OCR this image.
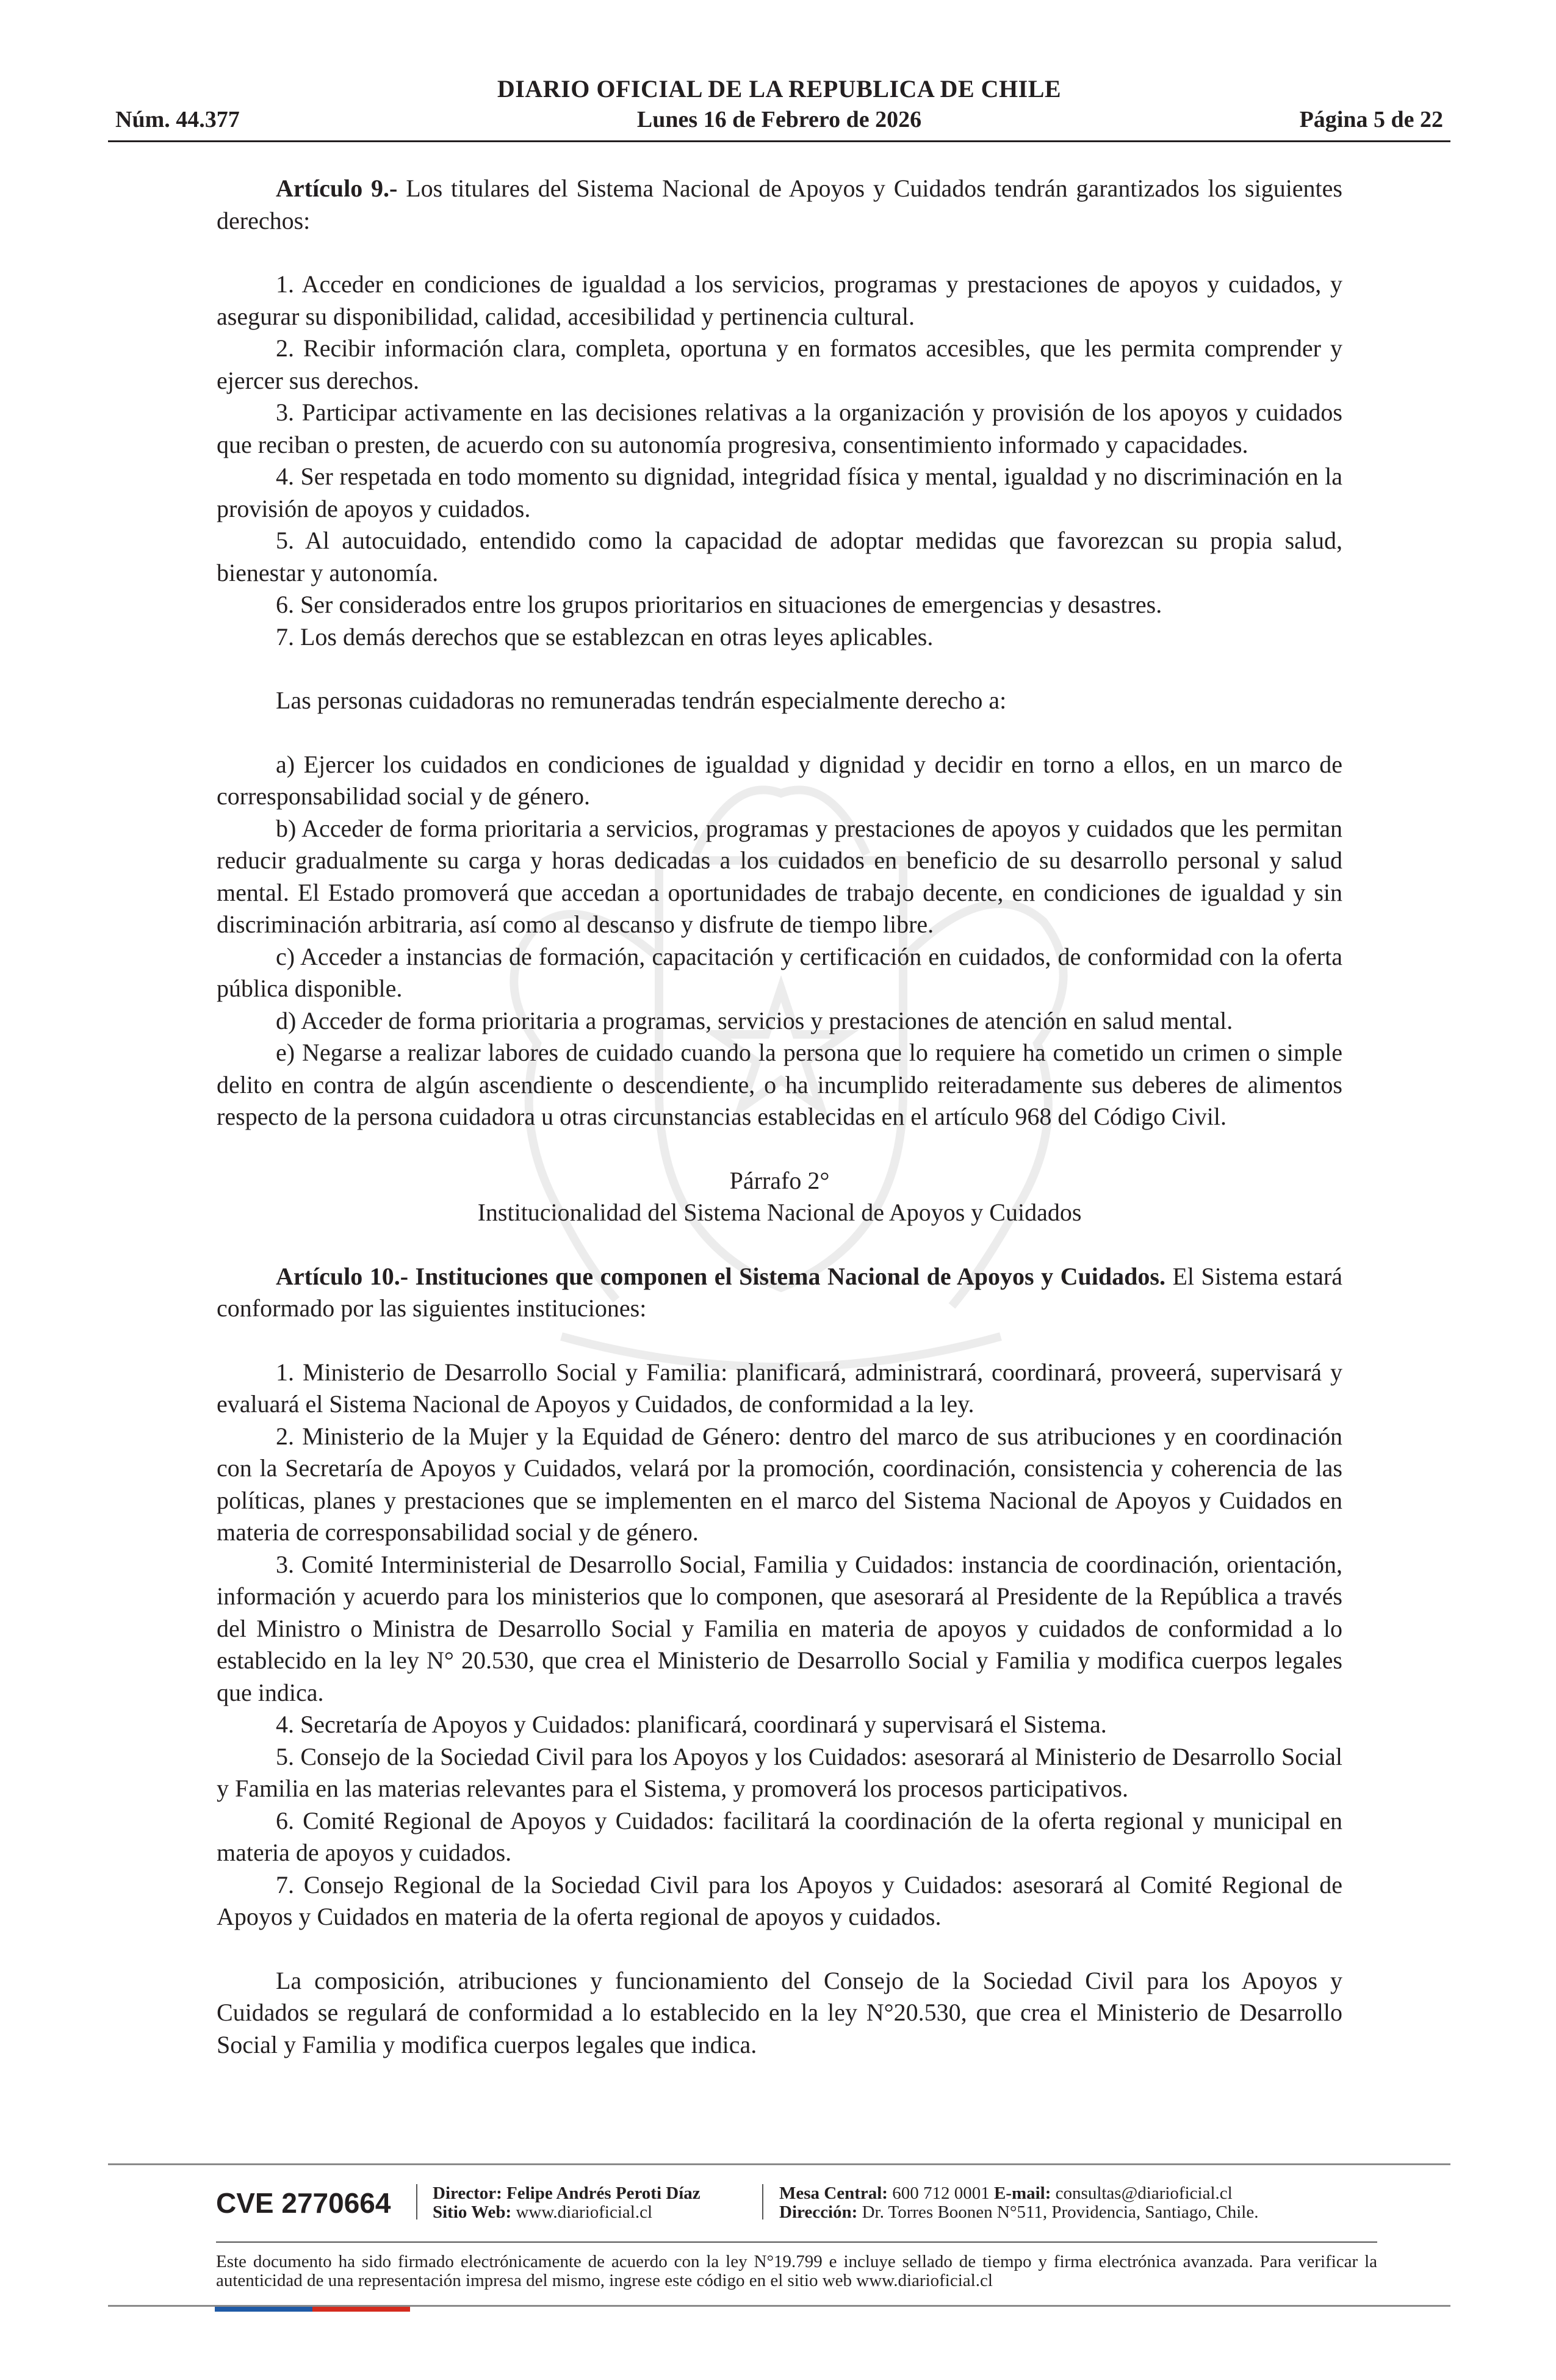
DIARIO OFICIAL DE LA REPUBLICA DE CHILE
Núm. 44.377	Lunes 16 de Febrero de 2026	Página 5 de 22

Artículo 9.- Los titulares del Sistema Nacional de Apoyos y Cuidados tendrán garantizados los siguientes derechos:

1. Acceder en condiciones de igualdad a los servicios, programas y prestaciones de apoyos y cuidados, y asegurar su disponibilidad, calidad, accesibilidad y pertinencia cultural.

2. Recibir información clara, completa, oportuna y en formatos accesibles, que les permita comprender y ejercer sus derechos.

3. Participar activamente en las decisiones relativas a la organización y provisión de los apoyos y cuidados que reciban o presten, de acuerdo con su autonomía progresiva, consentimiento informado y capacidades.

4. Ser respetada en todo momento su dignidad, integridad física y mental, igualdad y no discriminación en la provisión de apoyos y cuidados.

5. Al autocuidado, entendido como la capacidad de adoptar medidas que favorezcan su propia salud, bienestar y autonomía.

6. Ser considerados entre los grupos prioritarios en situaciones de emergencias y desastres.

7. Los demás derechos que se establezcan en otras leyes aplicables.

Las personas cuidadoras no remuneradas tendrán especialmente derecho a:

a) Ejercer los cuidados en condiciones de igualdad y dignidad y decidir en torno a ellos, en un marco de corresponsabilidad social y de género.

b) Acceder de forma prioritaria a servicios, programas y prestaciones de apoyos y cuidados que les permitan reducir gradualmente su carga y horas dedicadas a los cuidados en beneficio de su desarrollo personal y salud mental. El Estado promoverá que accedan a oportunidades de trabajo decente, en condiciones de igualdad y sin discriminación arbitraria, así como al descanso y disfrute de tiempo libre.

c) Acceder a instancias de formación, capacitación y certificación en cuidados, de conformidad con la oferta pública disponible.

d) Acceder de forma prioritaria a programas, servicios y prestaciones de atención en salud mental.

e) Negarse a realizar labores de cuidado cuando la persona que lo requiere ha cometido un crimen o simple delito en contra de algún ascendiente o descendiente, o ha incumplido reiteradamente sus deberes de alimentos respecto de la persona cuidadora u otras circunstancias establecidas en el artículo 968 del Código Civil.

Párrafo 2°

Institucionalidad del Sistema Nacional de Apoyos y Cuidados

Artículo 10.- Instituciones que componen el Sistema Nacional de Apoyos y Cuidados. El Sistema estará conformado por las siguientes instituciones:

1. Ministerio de Desarrollo Social y Familia: planificará, administrará, coordinará, proveerá, supervisará y evaluará el Sistema Nacional de Apoyos y Cuidados, de conformidad a la ley.

2. Ministerio de la Mujer y la Equidad de Género: dentro del marco de sus atribuciones y en coordinación con la Secretaría de Apoyos y Cuidados, velará por la promoción, coordinación, consistencia y coherencia de las políticas, planes y prestaciones que se implementen en el marco del Sistema Nacional de Apoyos y Cuidados en materia de corresponsabilidad social y de género.

3. Comité Interministerial de Desarrollo Social, Familia y Cuidados: instancia de coordinación, orientación, información y acuerdo para los ministerios que lo componen, que asesorará al Presidente de la República a través del Ministro o Ministra de Desarrollo Social y Familia en materia de apoyos y cuidados de conformidad a lo establecido en la ley N° 20.530, que crea el Ministerio de Desarrollo Social y Familia y modifica cuerpos legales que indica.

4. Secretaría de Apoyos y Cuidados: planificará, coordinará y supervisará el Sistema.

5. Consejo de la Sociedad Civil para los Apoyos y los Cuidados: asesorará al Ministerio de Desarrollo Social y Familia en las materias relevantes para el Sistema, y promoverá los procesos participativos.

6. Comité Regional de Apoyos y Cuidados: facilitará la coordinación de la oferta regional y municipal en materia de apoyos y cuidados.

7. Consejo Regional de la Sociedad Civil para los Apoyos y Cuidados: asesorará al Comité Regional de Apoyos y Cuidados en materia de la oferta regional de apoyos y cuidados.

La composición, atribuciones y funcionamiento del Consejo de la Sociedad Civil para los Apoyos y Cuidados se regulará de conformidad a lo establecido en la ley N°20.530, que crea el Ministerio de Desarrollo Social y Familia y modifica cuerpos legales que indica.

CVE 2770664 Director: Felipe Andrés Peroti Díaz
Sitio Web: www.diarioficial.cl
Mesa Central: 600 712 0001 E-mail: consultas@diarioficial.cl
Dirección: Dr. Torres Boonen N°511, Providencia, Santiago, Chile.
Este documento ha sido firmado electrónicamente de acuerdo con la ley N°19.799 e incluye sellado de tiempo y firma electrónica avanzada. Para verificar la autenticidad de una representación impresa del mismo, ingrese este código en el sitio web www.diarioficial.cl
